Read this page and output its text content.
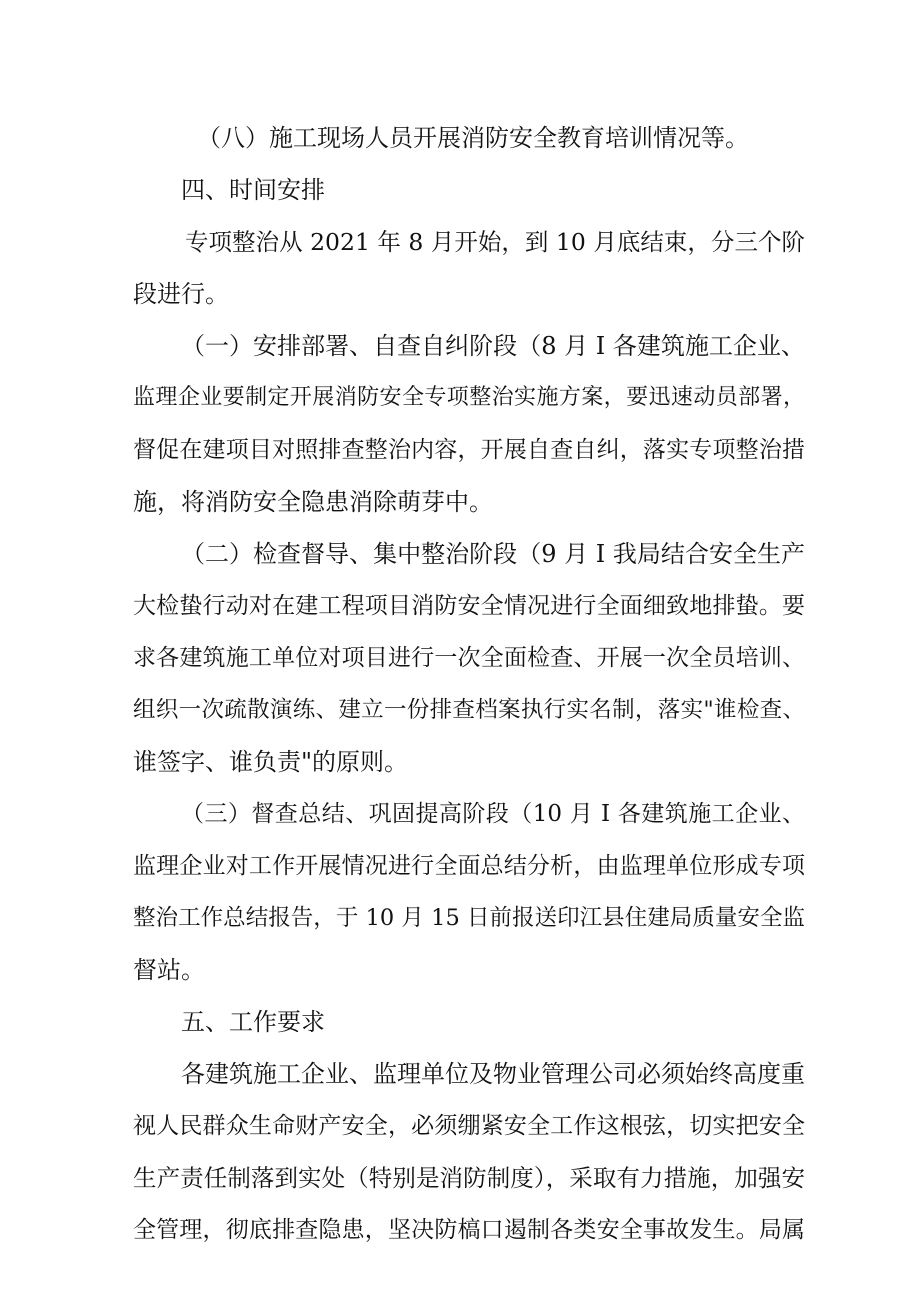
（八）施工现场人员开展消防安全教育培训情况等。
四、时间安排
专项整治从 2021 年 8 月开始，到 10 月底结束，分三个阶
段进行。
（一）安排部署、自查自纠阶段（8 月 I 各建筑施工企业、
监理企业要制定开展消防安全专项整治实施方案，要迅速动员部署，
督促在建项目对照排查整治内容，开展自查自纠，落实专项整治措
施，将消防安全隐患消除萌芽中。
（二）检查督导、集中整治阶段（9 月 I 我局结合安全生产
大检蛰行动对在建工程项目消防安全情况进行全面细致地排蛰。要
求各建筑施工单位对项目进行一次全面检查、开展一次全员培训、
组织一次疏散演练、建立一份排查档案执行实名制，落实"谁检查、
谁签字、谁负责"的原则。
（三）督查总结、巩固提高阶段（10 月 I 各建筑施工企业、
监理企业对工作开展情况进行全面总结分析，由监理单位形成专项
整治工作总结报告，于 10 月 15 日前报送印江县住建局质量安全监
督站。
五、工作要求
各建筑施工企业、监理单位及物业管理公司必须始终高度重
视人民群众生命财产安全，必须绷紧安全工作这根弦，切实把安全
生产责任制落到实处（特别是消防制度），采取有力措施，加强安
全管理，彻底排查隐患，坚决防槁口遏制各类安全事故发生。局属
